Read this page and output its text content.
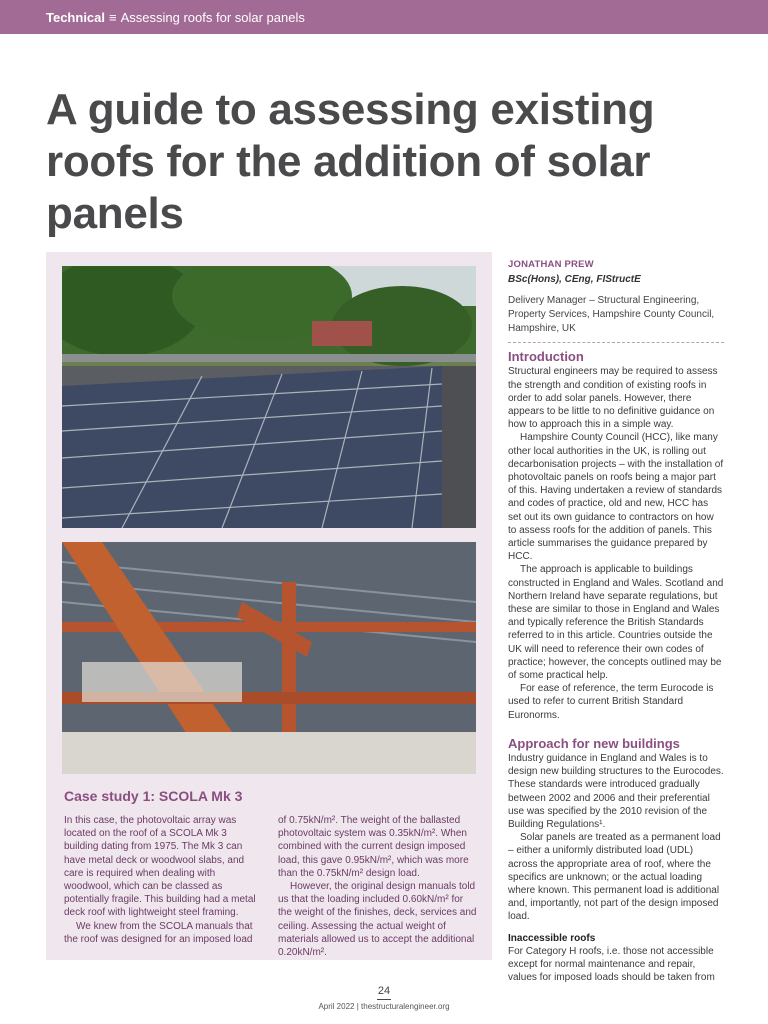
Technical ≡ Assessing roofs for solar panels
A guide to assessing existing roofs for the addition of solar panels
Case study 1: SCOLA Mk 3

In this case, the photovoltaic array was located on the roof of a SCOLA Mk 3 building dating from 1975. The Mk 3 can have metal deck or woodwool slabs, and care is required when dealing with woodwool, which can be classed as potentially fragile. This building had a metal deck roof with lightweight steel framing.

We knew from the SCOLA manuals that the roof was designed for an imposed load

of 0.75kN/m². The weight of the ballasted photovoltaic system was 0.35kN/m². When combined with the current design imposed load, this gave 0.95kN/m², which was more than the 0.75kN/m² design load.

However, the original design manuals told us that the loading included 0.60kN/m² for the weight of the finishes, deck, services and ceiling. Assessing the actual weight of materials allowed us to accept the additional 0.20kN/m².

JONATHAN PREW
BSc(Hons), CEng, FIStructE
Delivery Manager – Structural Engineering, Property Services, Hampshire County Council, Hampshire, UK
Introduction

Structural engineers may be required to assess the strength and condition of existing roofs in order to add solar panels. However, there appears to be little to no definitive guidance on how to approach this in a simple way.

Hampshire County Council (HCC), like many other local authorities in the UK, is rolling out decarbonisation projects – with the installation of photovoltaic panels on roofs being a major part of this. Having undertaken a review of standards and codes of practice, old and new, HCC has set out its own guidance to contractors on how to assess roofs for the addition of panels. This article summarises the guidance prepared by HCC.

The approach is applicable to buildings constructed in England and Wales. Scotland and Northern Ireland have separate regulations, but these are similar to those in England and Wales and typically reference the British Standards referred to in this article. Countries outside the UK will need to reference their own codes of practice; however, the concepts outlined may be of some practical help.

For ease of reference, the term Eurocode is used to refer to current British Standard Euronorms.

Approach for new buildings

Industry guidance in England and Wales is to design new building structures to the Eurocodes. These standards were introduced gradually between 2002 and 2006 and their preferential use was specified by the 2010 revision of the Building Regulations¹.

Solar panels are treated as a permanent load – either a uniformly distributed load (UDL) across the appropriate area of roof, where the specifics are unknown; or the actual loading where known. This permanent load is additional and, importantly, not part of the design imposed load.

Inaccessible roofs

For Category H roofs, i.e. those not accessible except for normal maintenance and repair, values for imposed loads should be taken from

24
April 2022 | thestructuralengineer.org
